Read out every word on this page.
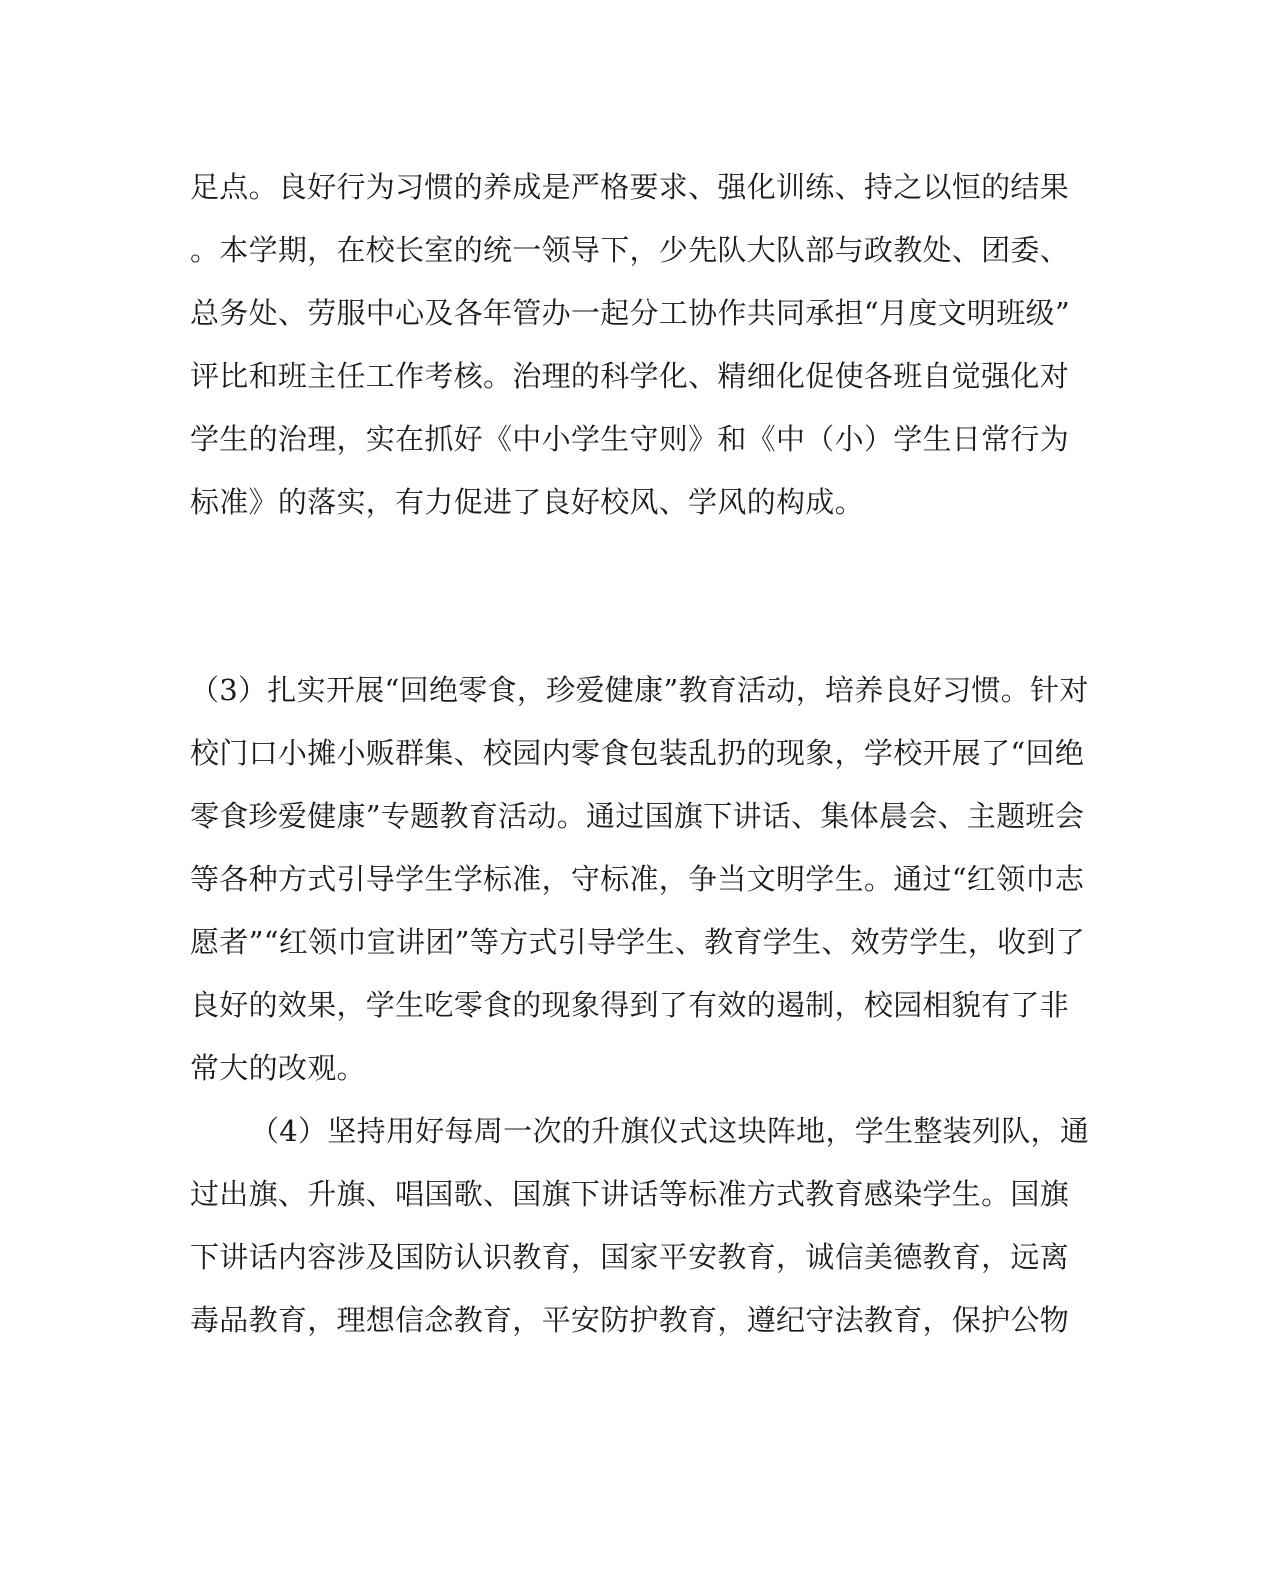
足点。良好行为习惯的养成是严格要求、强化训练、持之以恒的结果
。本学期，在校长室的统一领导下，少先队大队部与政教处、团委、
总务处、劳服中心及各年管办一起分工协作共同承担“月度文明班级”
评比和班主任工作考核。治理的科学化、精细化促使各班自觉强化对
学生的治理，实在抓好《中小学生守则》和《中（小）学生日常行为
标准》的落实，有力促进了良好校风、学风的构成。
（3）扎实开展“回绝零食，珍爱健康”教育活动，培养良好习惯。针对
校门口小摊小贩群集、校园内零食包装乱扔的现象，学校开展了“回绝
零食珍爱健康”专题教育活动。通过国旗下讲话、集体晨会、主题班会
等各种方式引导学生学标准，守标准，争当文明学生。通过“红领巾志
愿者”“红领巾宣讲团”等方式引导学生、教育学生、效劳学生，收到了
良好的效果，学生吃零食的现象得到了有效的遏制，校园相貌有了非
常大的改观。
（4）坚持用好每周一次的升旗仪式这块阵地，学生整装列队，通
过出旗、升旗、唱国歌、国旗下讲话等标准方式教育感染学生。国旗
下讲话内容涉及国防认识教育，国家平安教育，诚信美德教育，远离
毒品教育，理想信念教育，平安防护教育，遵纪守法教育，保护公物
